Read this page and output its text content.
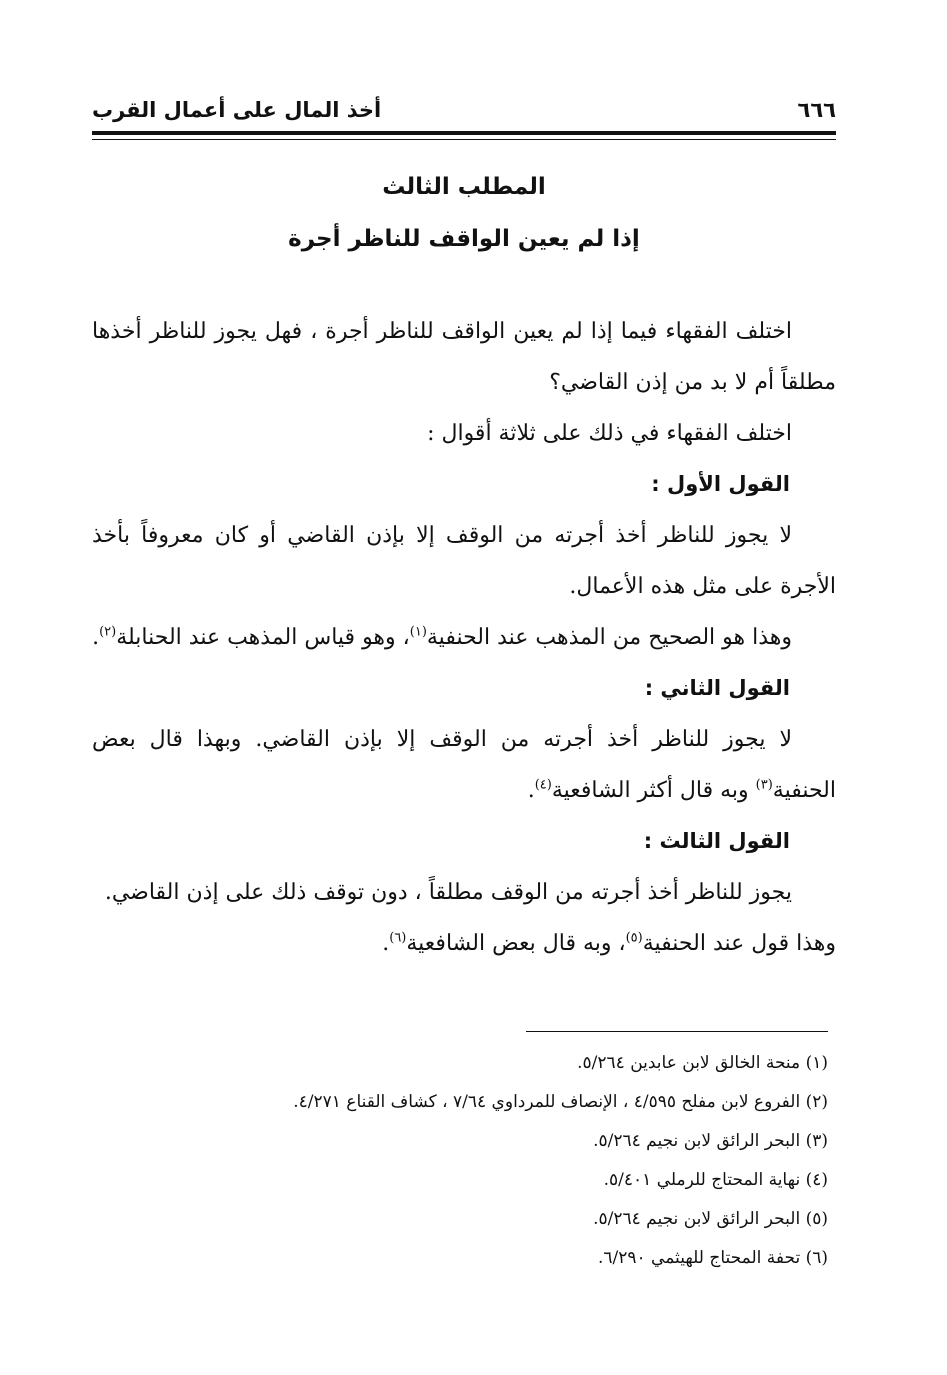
٦٦٦
أخذ المال على أعمال القرب
المطلب الثالث
إذا لم يعين الواقف للناظر أجرة

اختلف الفقهاء فيما إذا لم يعين الواقف للناظر أجرة ، فهل يجوز للناظر أخذها مطلقاً أم لا بد من إذن القاضي؟

اختلف الفقهاء في ذلك على ثلاثة أقوال :

القول الأول :

لا يجوز للناظر أخذ أجرته من الوقف إلا بإذن القاضي أو كان معروفاً بأخذ الأجرة على مثل هذه الأعمال.

وهذا هو الصحيح من المذهب عند الحنفية$^{(١)}$، وهو قياس المذهب عند الحنابلة$^{(٢)}$.

القول الثاني :

لا يجوز للناظر أخذ أجرته من الوقف إلا بإذن القاضي. وبهذا قال بعض الحنفية$^{(٣)}$ وبه قال أكثر الشافعية$^{(٤)}$.

القول الثالث :

يجوز للناظر أخذ أجرته من الوقف مطلقاً ، دون توقف ذلك على إذن القاضي.

وهذا قول عند الحنفية$^{(٥)}$، وبه قال بعض الشافعية$^{(٦)}$.

(١) منحة الخالق لابن عابدين ٥/٢٦٤.
(٢) الفروع لابن مفلح ٤/٥٩٥ ، الإنصاف للمرداوي ٧/٦٤ ، كشاف القناع ٤/٢٧١.
(٣) البحر الرائق لابن نجيم ٥/٢٦٤.
(٤) نهاية المحتاج للرملي ٥/٤٠١.
(٥) البحر الرائق لابن نجيم ٥/٢٦٤.
(٦) تحفة المحتاج للهيثمي ٦/٢٩٠.
